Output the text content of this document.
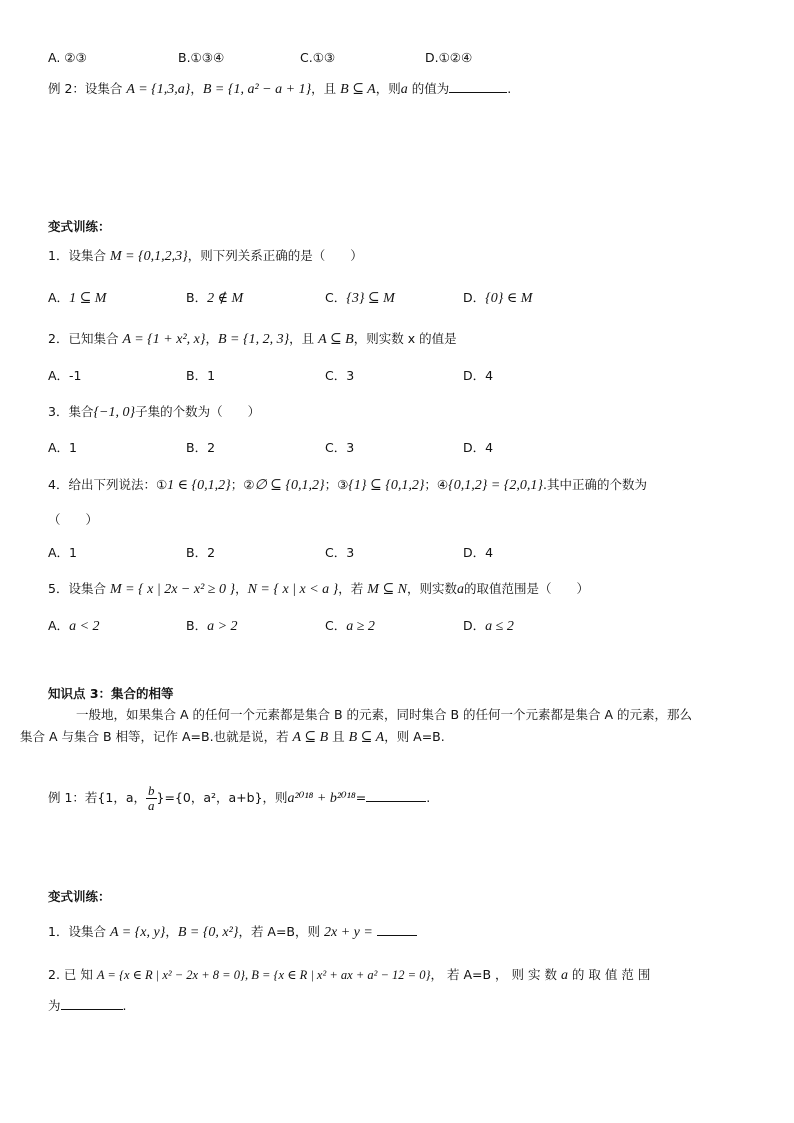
A. ②③	B.①③④	C.①③	D.①②④
例 2：设集合 A = {1,3,a}，B = {1, a² − a + 1}，且 B ⊆ A，则a 的值为	.
变式训练：
1．设集合 M = {0,1,2,3}，则下列关系正确的是（　　）
A．1 ⊆ M	B．2 ∉ M	C．{3} ⊆ M	D．{0} ∈ M
2．已知集合 A = {1 + x², x}，B = {1, 2, 3}，且 A ⊆ B，则实数 x 的值是
A．-1	B．1	C．3	D．4
3．集合{−1, 0}子集的个数为（　　）
A．1	B．2	C．3	D．4
4．给出下列说法：①1 ∈ {0,1,2}；②∅ ⊆ {0,1,2}；③{1} ⊆ {0,1,2}；④{0,1,2} = {2,0,1}.其中正确的个数为
（　　）
A．1	B．2	C．3	D．4
5．设集合 M = { x | 2x − x² ≥ 0 }，N = { x | x < a }，若 M ⊆ N，则实数a的取值范围是（　　）
A．a < 2	B．a > 2	C．a ≥ 2	D．a ≤ 2
知识点 3：集合的相等
一般地，如果集合 A 的任何一个元素都是集合 B 的元素，同时集合 B 的任何一个元素都是集合 A 的元素，那么
集合 A 与集合 B 相等，记作 A=B.也就是说，若 A ⊆ B 且 B ⊆ A，则 A=B.
例 1：若{1，a， $\frac{b}{a} \}=\{0$，a²，a+b}，则a²⁰¹⁸ + b²⁰¹⁸=	.
变式训练：
1．设集合 A = {x, y}，B = {0, x²}，若 A=B，则 2x + y =
2. 已 知 A = {x ∈ R | x² − 2x + 8 = 0}, B = {x ∈ R | x² + ax + a² − 12 = 0}， 若 A=B ， 则 实 数 a 的 取 值 范 围
为	.
